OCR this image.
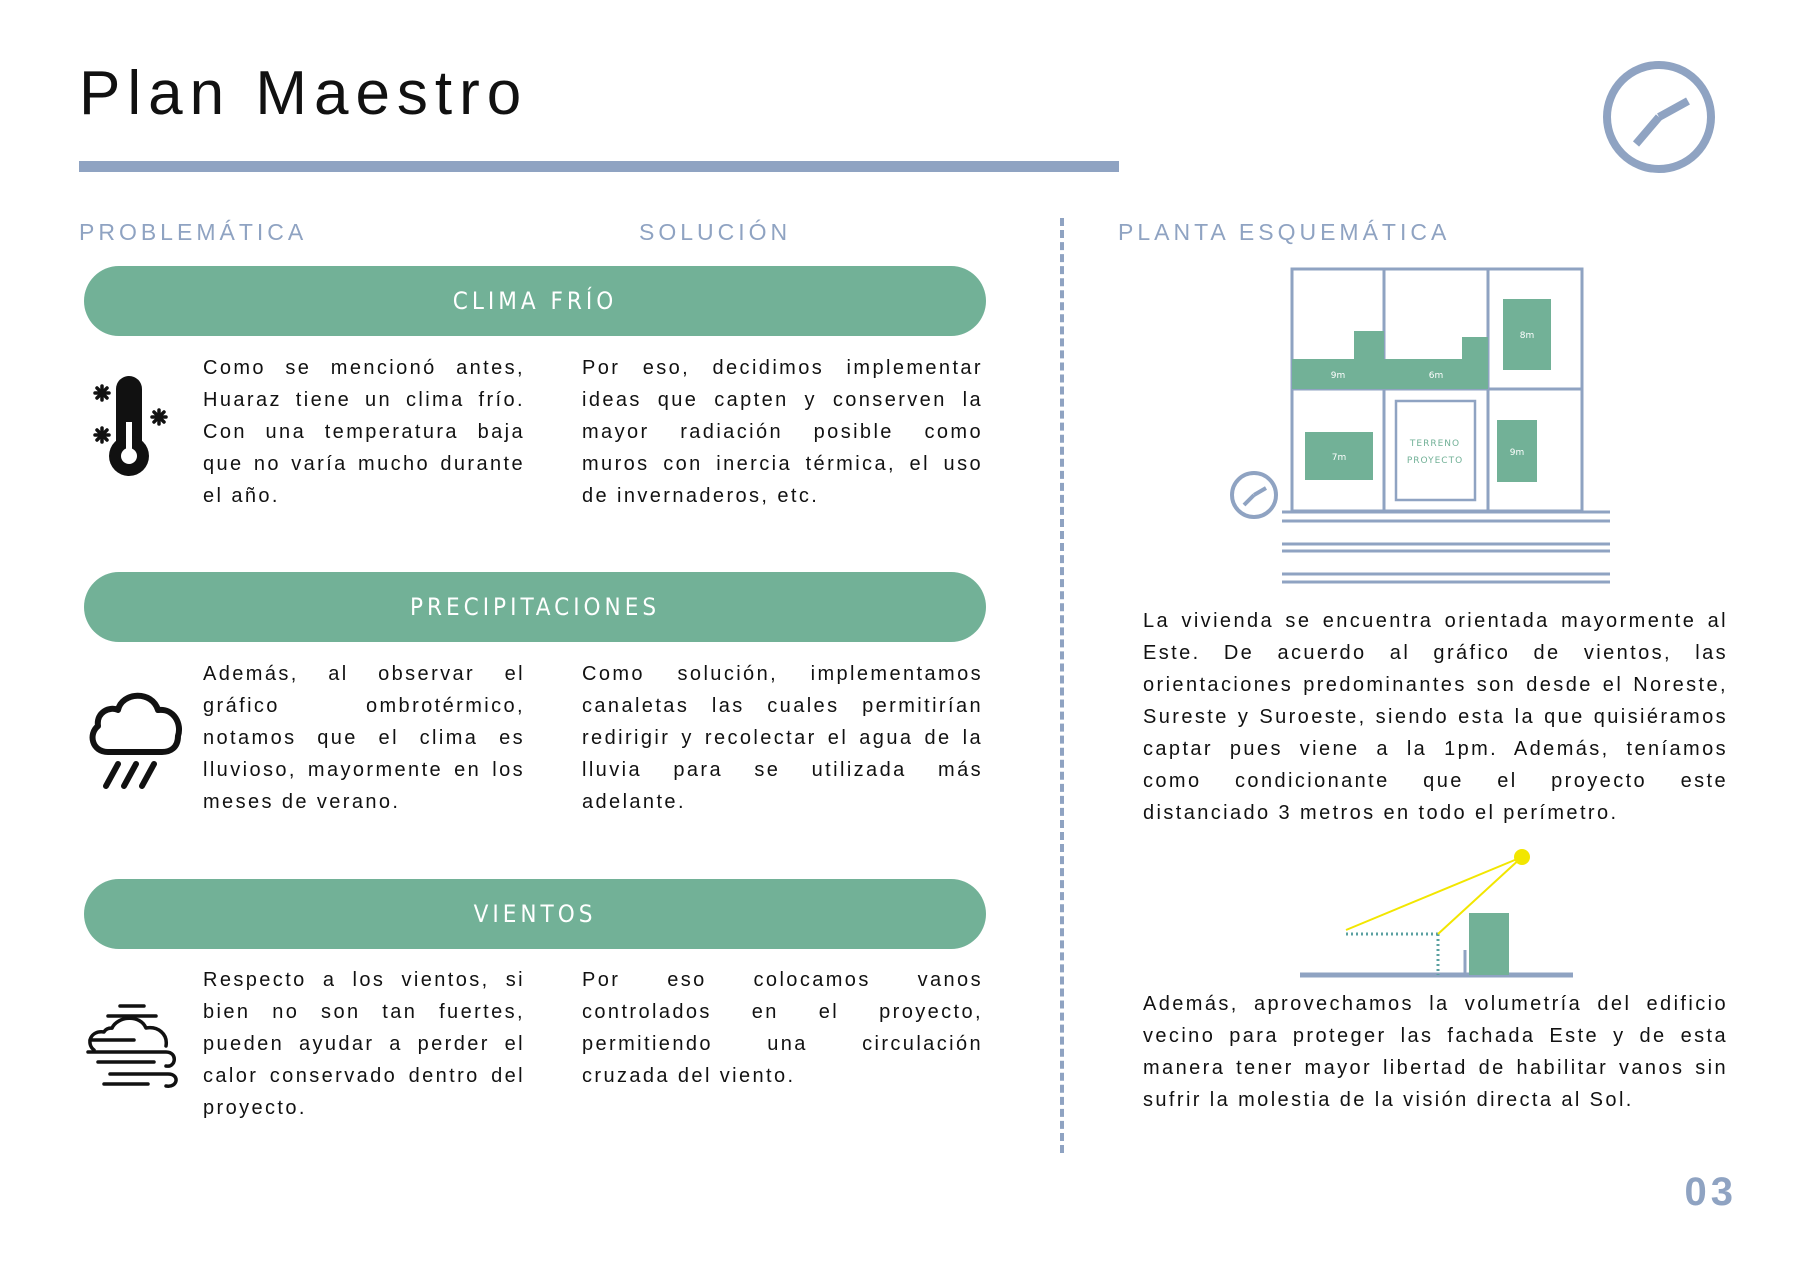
Plan Maestro

PROBLEMÁTICA	SOLUCIÓN	PLANTA ESQUEMÁTICA

CLIMA FRÍO

Como se mencionó antes, Huaraz tiene un clima frío. Con una temperatura baja que no varía mucho durante el año.

Por eso, decidimos implementar ideas que capten y conserven la mayor radiación posible como muros con inercia térmica, el uso de invernaderos, etc.

PRECIPITACIONES

Además, al observar el gráfico ombrotérmico, notamos que el clima es lluvioso, mayormente en los meses de verano.

Como solución, implementamos canaletas las cuales permitirían redirigir y recolectar el agua de la lluvia para se utilizada más adelante.

VIENTOS

Respecto a los vientos, si bien no son tan fuertes, pueden ayudar a perder el calor conservado dentro del proyecto.

Por eso colocamos vanos controlados en el proyecto, permitiendo una circulación cruzada del viento.

9m	6m
8m
7m	9m
TERRENO
PROYECTO

La vivienda se encuentra orientada mayormente al Este. De acuerdo al gráfico de vientos, las orientaciones predominantes son desde el Noreste, Sureste y Suroeste, siendo esta la que quisiéramos captar pues viene a la 1pm. Además, teníamos como condicionante que el proyecto este distanciado 3 metros en todo el perímetro.

Además, aprovechamos la volumetría del edificio vecino para proteger las fachada Este y de esta manera tener mayor libertad de habilitar vanos sin sufrir la molestia de la visión directa al Sol.

03
